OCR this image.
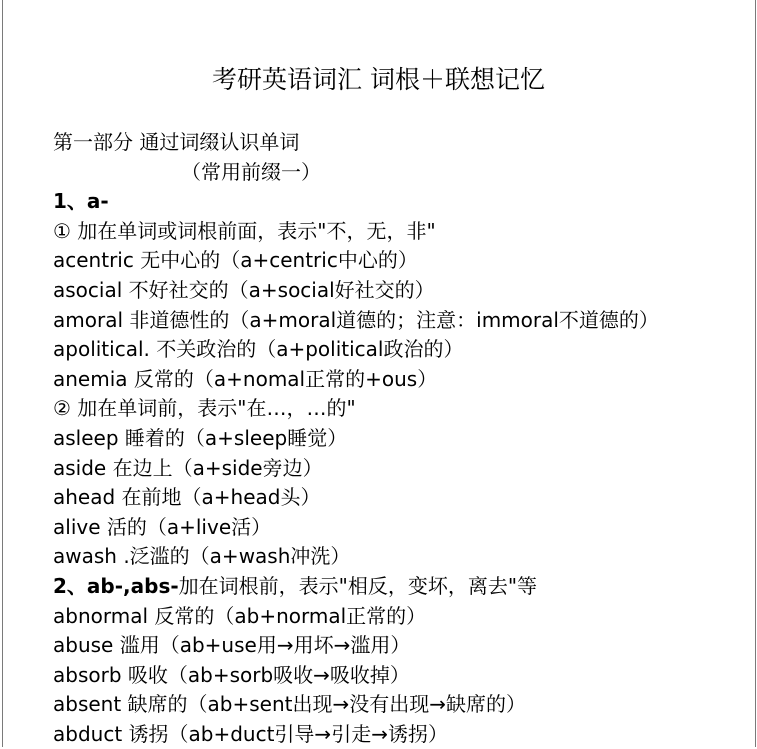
考研英语词汇 词根＋联想记忆
第一部分 通过词缀认识单词
（常用前缀一）
1、a-
① 加在单词或词根前面，表示"不，无，非"
acentric 无中心的（a+centric中心的）
asocial 不好社交的（a+social好社交的）
amoral 非道德性的（a+moral道德的；注意：immoral不道德的）
apolitical. 不关政治的（a+political政治的）
anemia 反常的（a+nomal正常的+ous）
② 加在单词前，表示"在…，…的"
asleep 睡着的（a+sleep睡觉）
aside 在边上（a+side旁边）
ahead 在前地（a+head头）
alive 活的（a+live活）
awash .泛滥的（a+wash冲洗）
2、ab-,abs-加在词根前，表示"相反，变坏，离去"等
abnormal 反常的（ab+normal正常的）
abuse 滥用（ab+use用→用坏→滥用）
absorb 吸收（ab+sorb吸收→吸收掉）
absent 缺席的（ab+sent出现→没有出现→缺席的）
abduct 诱拐（ab+duct引导→引走→诱拐）
